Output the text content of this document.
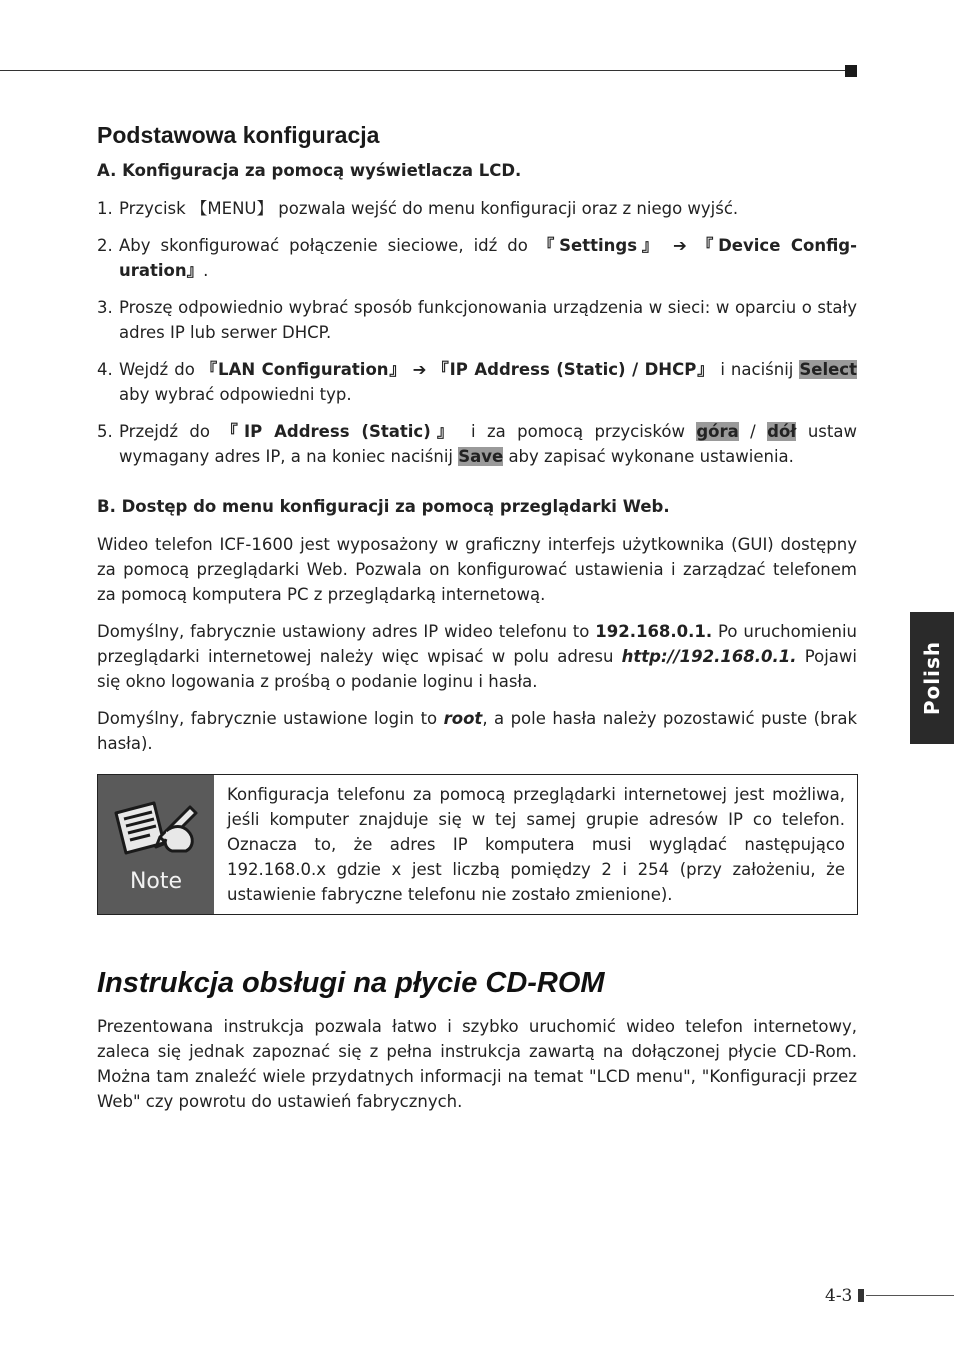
Podstawowa konfiguracja
A. Konfiguracja za pomocą wyświetlacza LCD.
1. Przycisk 【MENU】 pozwala wejść do menu konfiguracji oraz z niego wyjść.
2. Aby skonfigurować połączenie sieciowe, idź do 『Settings』 ➔ 『Device Config-uration』.
3. Proszę odpowiednio wybrać sposób funkcjonowania urządzenia w sieci: w oparciu o stały adres IP lub serwer DHCP.
4. Wejdź do 『LAN Configuration』 ➔ 『IP Address (Static) / DHCP』 i naciśnij Select aby wybrać odpowiedni typ.
5. Przejdź do 『IP Address (Static)』 i za pomocą przycisków góra / dół ustaw wymagany adres IP, a na koniec naciśnij Save aby zapisać wykonane ustawienia.
B. Dostęp do menu konfiguracji za pomocą przeglądarki Web.

Wideo telefon ICF-1600 jest wyposażony w graficzny interfejs użytkownika (GUI) dostępny za pomocą przeglądarki Web. Pozwala on konfigurować ustawienia i zarządzać telefonem za pomocą komputera PC z przeglądarką internetową.

Domyślny, fabrycznie ustawiony adres IP wideo telefonu to 192.168.0.1. Po uruchomieniu przeglądarki internetowej należy więc wpisać w polu adresu http://192.168.0.1. Pojawi się okno logowania z prośbą o podanie loginu i hasła.

Domyślny, fabrycznie ustawione login to root, a pole hasła należy pozostawić puste (brak hasła).

Note
Konfiguracja telefonu za pomocą przeglądarki internetowej jest możliwa, jeśli komputer znajduje się w tej samej grupie adresów IP co telefon. Oznacza to, że adres IP komputera musi wyglądać następująco 192.168.0.x gdzie x jest liczbą pomiędzy 2 i 254 (przy założeniu, że ustawienie fabryczne telefonu nie zostało zmienione).
Instrukcja obsługi na płycie CD-ROM

Prezentowana instrukcja pozwala łatwo i szybko uruchomić wideo telefon internetowy, zaleca się jednak zapoznać się z pełna instrukcja zawartą na dołączonej płycie CD-Rom. Można tam znaleźć wiele przydatnych informacji na temat "LCD menu", "Konfiguracji przez Web" czy powrotu do ustawień fabrycznych.

Polish
4-3
